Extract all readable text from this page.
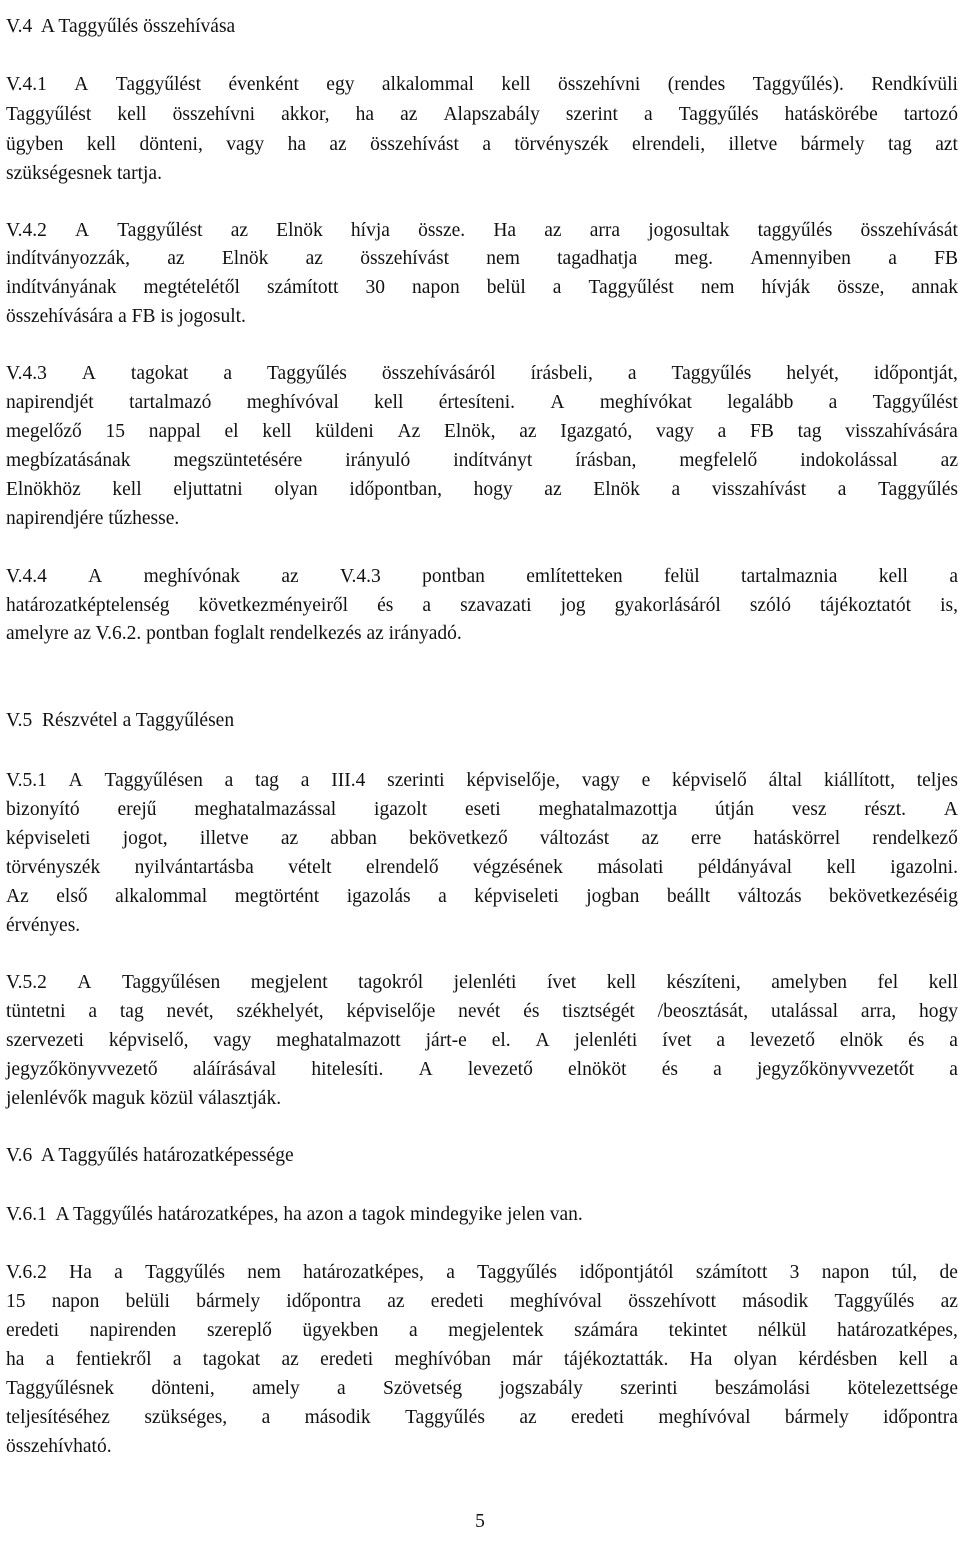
V.4  A Taggyűlés összehívása
V.4.1 A Taggyűlést évenként egy alkalommal kell összehívni (rendes Taggyűlés). Rendkívüli
Taggyűlést kell összehívni akkor, ha az Alapszabály szerint a Taggyűlés hatáskörébe tartozó
ügyben kell dönteni, vagy ha az összehívást a törvényszék elrendeli, illetve bármely tag azt
szükségesnek tartja.
V.4.2 A Taggyűlést az Elnök hívja össze. Ha az arra jogosultak taggyűlés összehívását
indítványozzák, az Elnök az összehívást nem tagadhatja meg. Amennyiben a FB
indítványának megtételétől számított 30 napon belül a Taggyűlést nem hívják össze, annak
összehívására a FB is jogosult.
V.4.3 A tagokat a Taggyűlés összehívásáról írásbeli, a Taggyűlés helyét, időpontját,
napirendjét tartalmazó meghívóval kell értesíteni. A meghívókat legalább a Taggyűlést
megelőző 15 nappal el kell küldeni Az Elnök, az Igazgató, vagy a FB tag visszahívására
megbízatásának megszüntetésére irányuló indítványt írásban, megfelelő indokolással az
Elnökhöz kell eljuttatni olyan időpontban, hogy az Elnök a visszahívást a Taggyűlés
napirendjére tűzhesse.
V.4.4 A meghívónak az V.4.3 pontban említetteken felül tartalmaznia kell a
határozatképtelenség következményeiről és a szavazati jog gyakorlásáról szóló tájékoztatót is,
amelyre az V.6.2. pontban foglalt rendelkezés az irányadó.
V.5  Részvétel a Taggyűlésen
V.5.1 A Taggyűlésen a tag a III.4 szerinti képviselője, vagy e képviselő által kiállított, teljes
bizonyító erejű meghatalmazással igazolt eseti meghatalmazottja útján vesz részt. A
képviseleti jogot, illetve az abban bekövetkező változást az erre hatáskörrel rendelkező
törvényszék nyilvántartásba vételt elrendelő végzésének másolati példányával kell igazolni.
Az első alkalommal megtörtént igazolás a képviseleti jogban beállt változás bekövetkezéséig
érvényes.
V.5.2 A Taggyűlésen megjelent tagokról jelenléti ívet kell készíteni, amelyben fel kell
tüntetni a tag nevét, székhelyét, képviselője nevét és tisztségét /beosztását, utalással arra, hogy
szervezeti képviselő, vagy meghatalmazott járt-e el. A jelenléti ívet a levezető elnök és a
jegyzőkönyvvezető aláírásával hitelesíti. A levezető elnököt és a jegyzőkönyvvezetőt a
jelenlévők maguk közül választják.
V.6  A Taggyűlés határozatképessége
V.6.1  A Taggyűlés határozatképes, ha azon a tagok mindegyike jelen van.
V.6.2 Ha a Taggyűlés nem határozatképes, a Taggyűlés időpontjától számított 3 napon túl, de
15 napon belüli bármely időpontra az eredeti meghívóval összehívott második Taggyűlés az
eredeti napirenden szereplő ügyekben a megjelentek számára tekintet nélkül határozatképes,
ha a fentiekről a tagokat az eredeti meghívóban már tájékoztatták. Ha olyan kérdésben kell a
Taggyűlésnek dönteni, amely a Szövetség jogszabály szerinti beszámolási kötelezettsége
teljesítéséhez szükséges, a második Taggyűlés az eredeti meghívóval bármely időpontra
összehívható.
5
